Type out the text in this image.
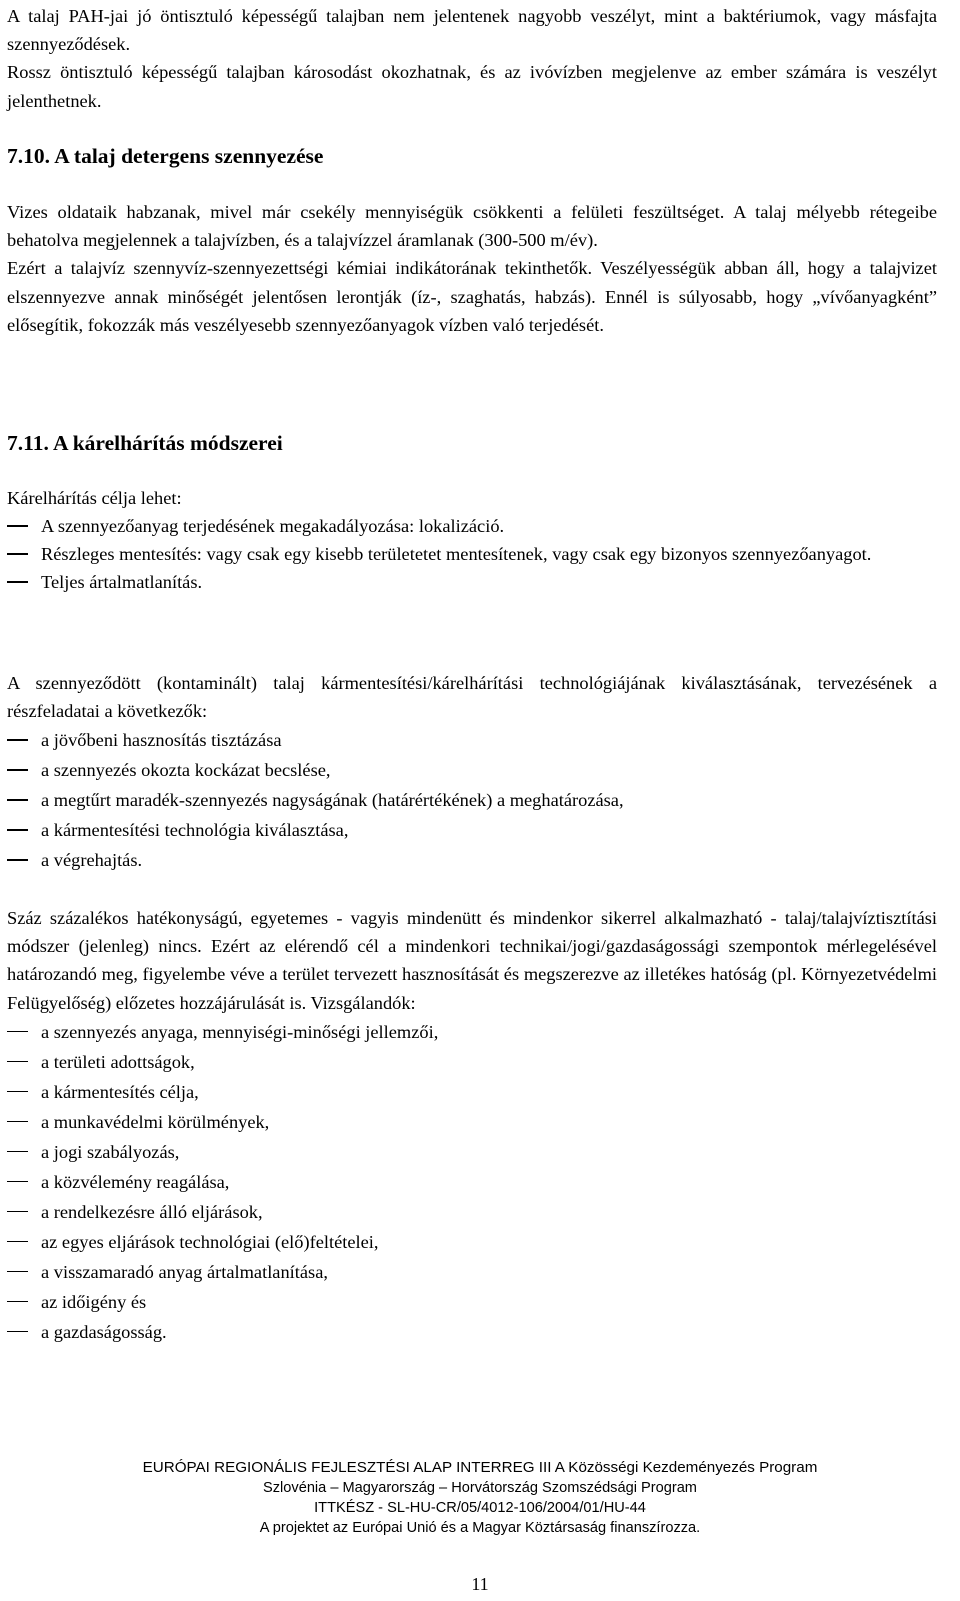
A talaj PAH-jai jó öntisztuló képességű talajban nem jelentenek nagyobb veszélyt, mint a baktériumok, vagy másfajta szennyeződések.

Rossz öntisztuló képességű talajban károsodást okozhatnak, és az ivóvízben megjelenve az ember számára is veszélyt jelenthetnek.

7.10. A talaj detergens szennyezése

Vizes oldataik habzanak, mivel már csekély mennyiségük csökkenti a felületi feszültséget. A talaj mélyebb rétegeibe behatolva megjelennek a talajvízben, és a talajvízzel áramlanak (300-500 m/év).

Ezért a talajvíz szennyvíz-szennyezettségi kémiai indikátorának tekinthetők. Veszélyességük abban áll, hogy a talajvizet elszennyezve annak minőségét jelentősen lerontják (íz-, szaghatás, habzás). Ennél is súlyosabb, hogy „vívőanyagként” elősegítik, fokozzák más veszélyesebb szennyezőanyagok vízben való terjedését.

7.11. A kárelhárítás módszerei

Kárelhárítás célja lehet:

A szennyezőanyag terjedésének megakadályozása: lokalizáció.
Részleges mentesítés: vagy csak egy kisebb területetet mentesítenek, vagy csak egy bizonyos szennyezőanyagot.
Teljes ártalmatlanítás.

A szennyeződött (kontaminált) talaj kármentesítési/kárelhárítási technológiájának kiválasztásának, tervezésének a részfeladatai a következők:

a jövőbeni hasznosítás tisztázása
a szennyezés okozta kockázat becslése,
a megtűrt maradék-szennyezés nagyságának (határértékének) a meghatározása,
a kármentesítési technológia kiválasztása,
a végrehajtás.

Száz százalékos hatékonyságú, egyetemes - vagyis mindenütt és mindenkor sikerrel alkalmazható - talaj/talajvíztisztítási módszer (jelenleg) nincs. Ezért az elérendő cél a mindenkori technikai/jogi/gazdaságossági szempontok mérlegelésével határozandó meg, figyelembe véve a terület tervezett hasznosítását és megszerezve az illetékes hatóság (pl. Környezetvédelmi Felügyelőség) előzetes hozzájárulását is. Vizsgálandók:

a szennyezés anyaga, mennyiségi-minőségi jellemzői,
a területi adottságok,
a kármentesítés célja,
a munkavédelmi körülmények,
a jogi szabályozás,
a közvélemény reagálása,
a rendelkezésre álló eljárások,
az egyes eljárások technológiai (elő)feltételei,
a visszamaradó anyag ártalmatlanítása,
az időigény és
a gazdaságosság.
EURÓPAI REGIONÁLIS FEJLESZTÉSI ALAP INTERREG III A Közösségi Kezdeményezés Program
Szlovénia – Magyarország – Horvátország Szomszédsági Program
ITTKÉSZ - SL-HU-CR/05/4012-106/2004/01/HU-44
A projektet az Európai Unió és a Magyar Köztársaság finanszírozza.
11
